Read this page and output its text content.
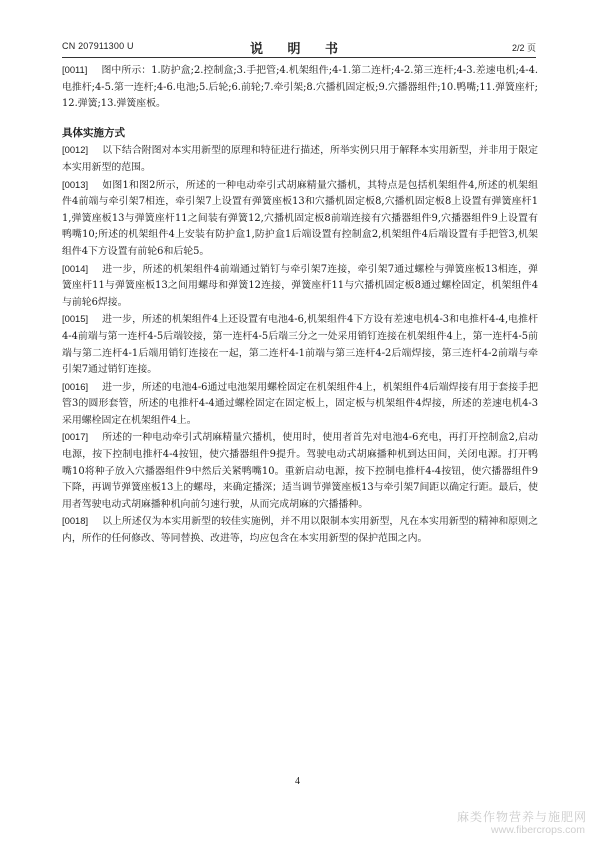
CN 207911300 U	说 明 书	2/2 页

[0011] 图中所示：1.防护盒;2.控制盒;3.手把管;4.机架组件;4-1.第二连杆;4-2.第三连杆;4-3.差速电机;4-4.电推杆;4-5.第一连杆;4-6.电池;5.后轮;6.前轮;7.牵引架;8.穴播机固定板;9.穴播器组件;10.鸭嘴;11.弹簧座杆;12.弹簧;13.弹簧座板。

具体实施方式

[0012] 以下结合附图对本实用新型的原理和特征进行描述，所举实例只用于解释本实用新型，并非用于限定本实用新型的范围。

[0013] 如图1和图2所示，所述的一种电动牵引式胡麻精量穴播机，其特点是包括机架组件4,所述的机架组件4前端与牵引架7相连，牵引架7上设置有弹簧座板13和穴播机固定板8,穴播机固定板8上设置有弹簧座杆11,弹簧座板13与弹簧座杆11之间装有弹簧12,穴播机固定板8前端连接有穴播器组件9,穴播器组件9上设置有鸭嘴10;所述的机架组件4上安装有防护盒1,防护盒1后端设置有控制盒2,机架组件4后端设置有手把管3,机架组件4下方设置有前轮6和后轮5。

[0014] 进一步，所述的机架组件4前端通过销钉与牵引架7连接，牵引架7通过螺栓与弹簧座板13相连，弹簧座杆11与弹簧座板13之间用螺母和弹簧12连接，弹簧座杆11与穴播机固定板8通过螺栓固定，机架组件4与前轮6焊接。

[0015] 进一步，所述的机架组件4上还设置有电池4-6,机架组件4下方设有差速电机4-3和电推杆4-4,电推杆4-4前端与第一连杆4-5后端铰接，第一连杆4-5后端三分之一处采用销钉连接在机架组件4上，第一连杆4-5前端与第二连杆4-1后端用销钉连接在一起，第二连杆4-1前端与第三连杆4-2后端焊接，第三连杆4-2前端与牵引架7通过销钉连接。

[0016] 进一步，所述的电池4-6通过电池架用螺栓固定在机架组件4上，机架组件4后端焊接有用于套接手把管3的圆形套管，所述的电推杆4-4通过螺栓固定在固定板上，固定板与机架组件4焊接，所述的差速电机4-3采用螺栓固定在机架组件4上。

[0017] 所述的一种电动牵引式胡麻精量穴播机，使用时，使用者首先对电池4-6充电，再打开控制盒2,启动电源，按下控制电推杆4-4按钮，使穴播器组件9提升。驾驶电动式胡麻播种机到达田间，关闭电源。打开鸭嘴10将种子放入穴播器组件9中然后关紧鸭嘴10。重新启动电源，按下控制电推杆4-4按钮，使穴播器组件9下降，再调节弹簧座板13上的螺母，来确定播深；适当调节弹簧座板13与牵引架7间距以确定行距。最后，使用者驾驶电动式胡麻播种机向前匀速行驶，从而完成胡麻的穴播播种。

[0018] 以上所述仅为本实用新型的较佳实施例，并不用以限制本实用新型，凡在本实用新型的精神和原则之内，所作的任何修改、等同替换、改进等，均应包含在本实用新型的保护范围之内。

4
麻类作物营养与施肥网
www.fibercrops.com
